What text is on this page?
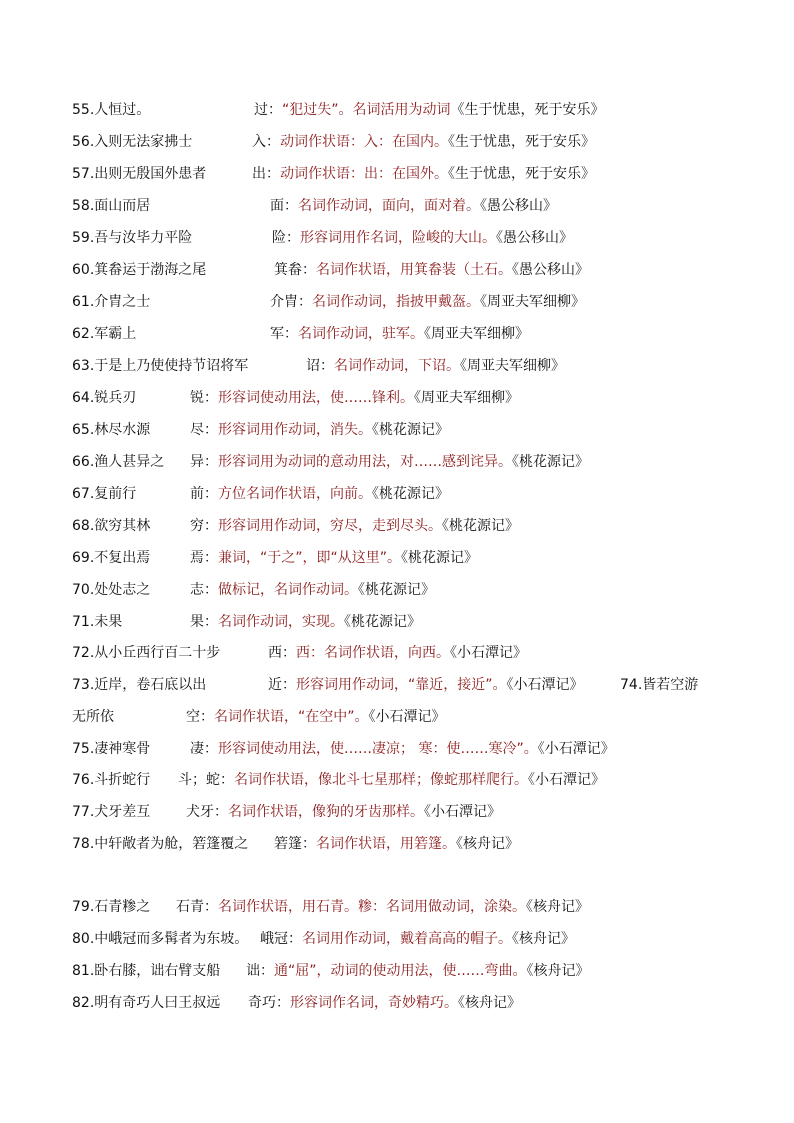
55.人恒过。	过：“犯过失”。名词活用为动词《生于忧患，死于安乐》
56.入则无法家拂士	入：动词作状语：入：在国内。《生于忧患，死于安乐》
57.出则无殷国外患者	出：动词作状语：出：在国外。《生于忧患，死于安乐》
58.面山而居	面：名词作动词，面向，面对着。《愚公移山》
59.吾与汝毕力平险	险：形容词用作名词，险峻的大山。《愚公移山》
60.箕畚运于渤海之尾	箕畚：名词作状语，用箕畚装（土石。《愚公移山》
61.介胄之士	介胄：名词作动词，指披甲戴盔。《周亚夫军细柳》
62.军霸上	军：名词作动词，驻军。《周亚夫军细柳》
63.于是上乃使使持节诏将军	诏：名词作动词，下诏。《周亚夫军细柳》
64.锐兵刃	锐：形容词使动用法，使……锋利。《周亚夫军细柳》
65.林尽水源	尽：形容词用作动词，消失。《桃花源记》
66.渔人甚异之 异：形容词用为动词的意动用法，对……感到诧异。《桃花源记》
67.复前行	前：方位名词作状语，向前。《桃花源记》
68.欲穷其林	穷：形容词用作动词，穷尽，走到尽头。《桃花源记》
69.不复出焉	焉：兼词，“于之”，即“从这里”。《桃花源记》
70.处处志之	志：做标记，名词作动词。《桃花源记》
71.未果	果：名词作动词，实现。《桃花源记》
72.从小丘西行百二十步	西：西：名词作状语，向西。《小石潭记》
73.近岸，卷石底以出	近：形容词用作动词，“靠近，接近”。《小石潭记》	74.皆若空游
无所依	空：名词作状语，“在空中”。《小石潭记》
75.凄神寒骨	凄：形容词使动用法，使……凄凉； 寒：使……寒冷”。《小石潭记》
76.斗折蛇行 斗；蛇：名词作状语，像北斗七星那样；像蛇那样爬行。《小石潭记》
77.犬牙差互	犬牙：名词作状语，像狗的牙齿那样。《小石潭记》
78.中轩敞者为舱，箬篷覆之 箬篷：名词作状语，用箬篷。《核舟记》
79.石青糁之 石青：名词作状语，用石青。糁：名词用做动词，涂染。《核舟记》
80.中峨冠而多髯者为东坡。 峨冠：名词用作动词，戴着高高的帽子。《核舟记》
81.卧右膝，诎右臂支船 诎：通“屈”，动词的使动用法，使……弯曲。《核舟记》
82.明有奇巧人曰王叔远 奇巧：形容词作名词，奇妙精巧。《核舟记》
